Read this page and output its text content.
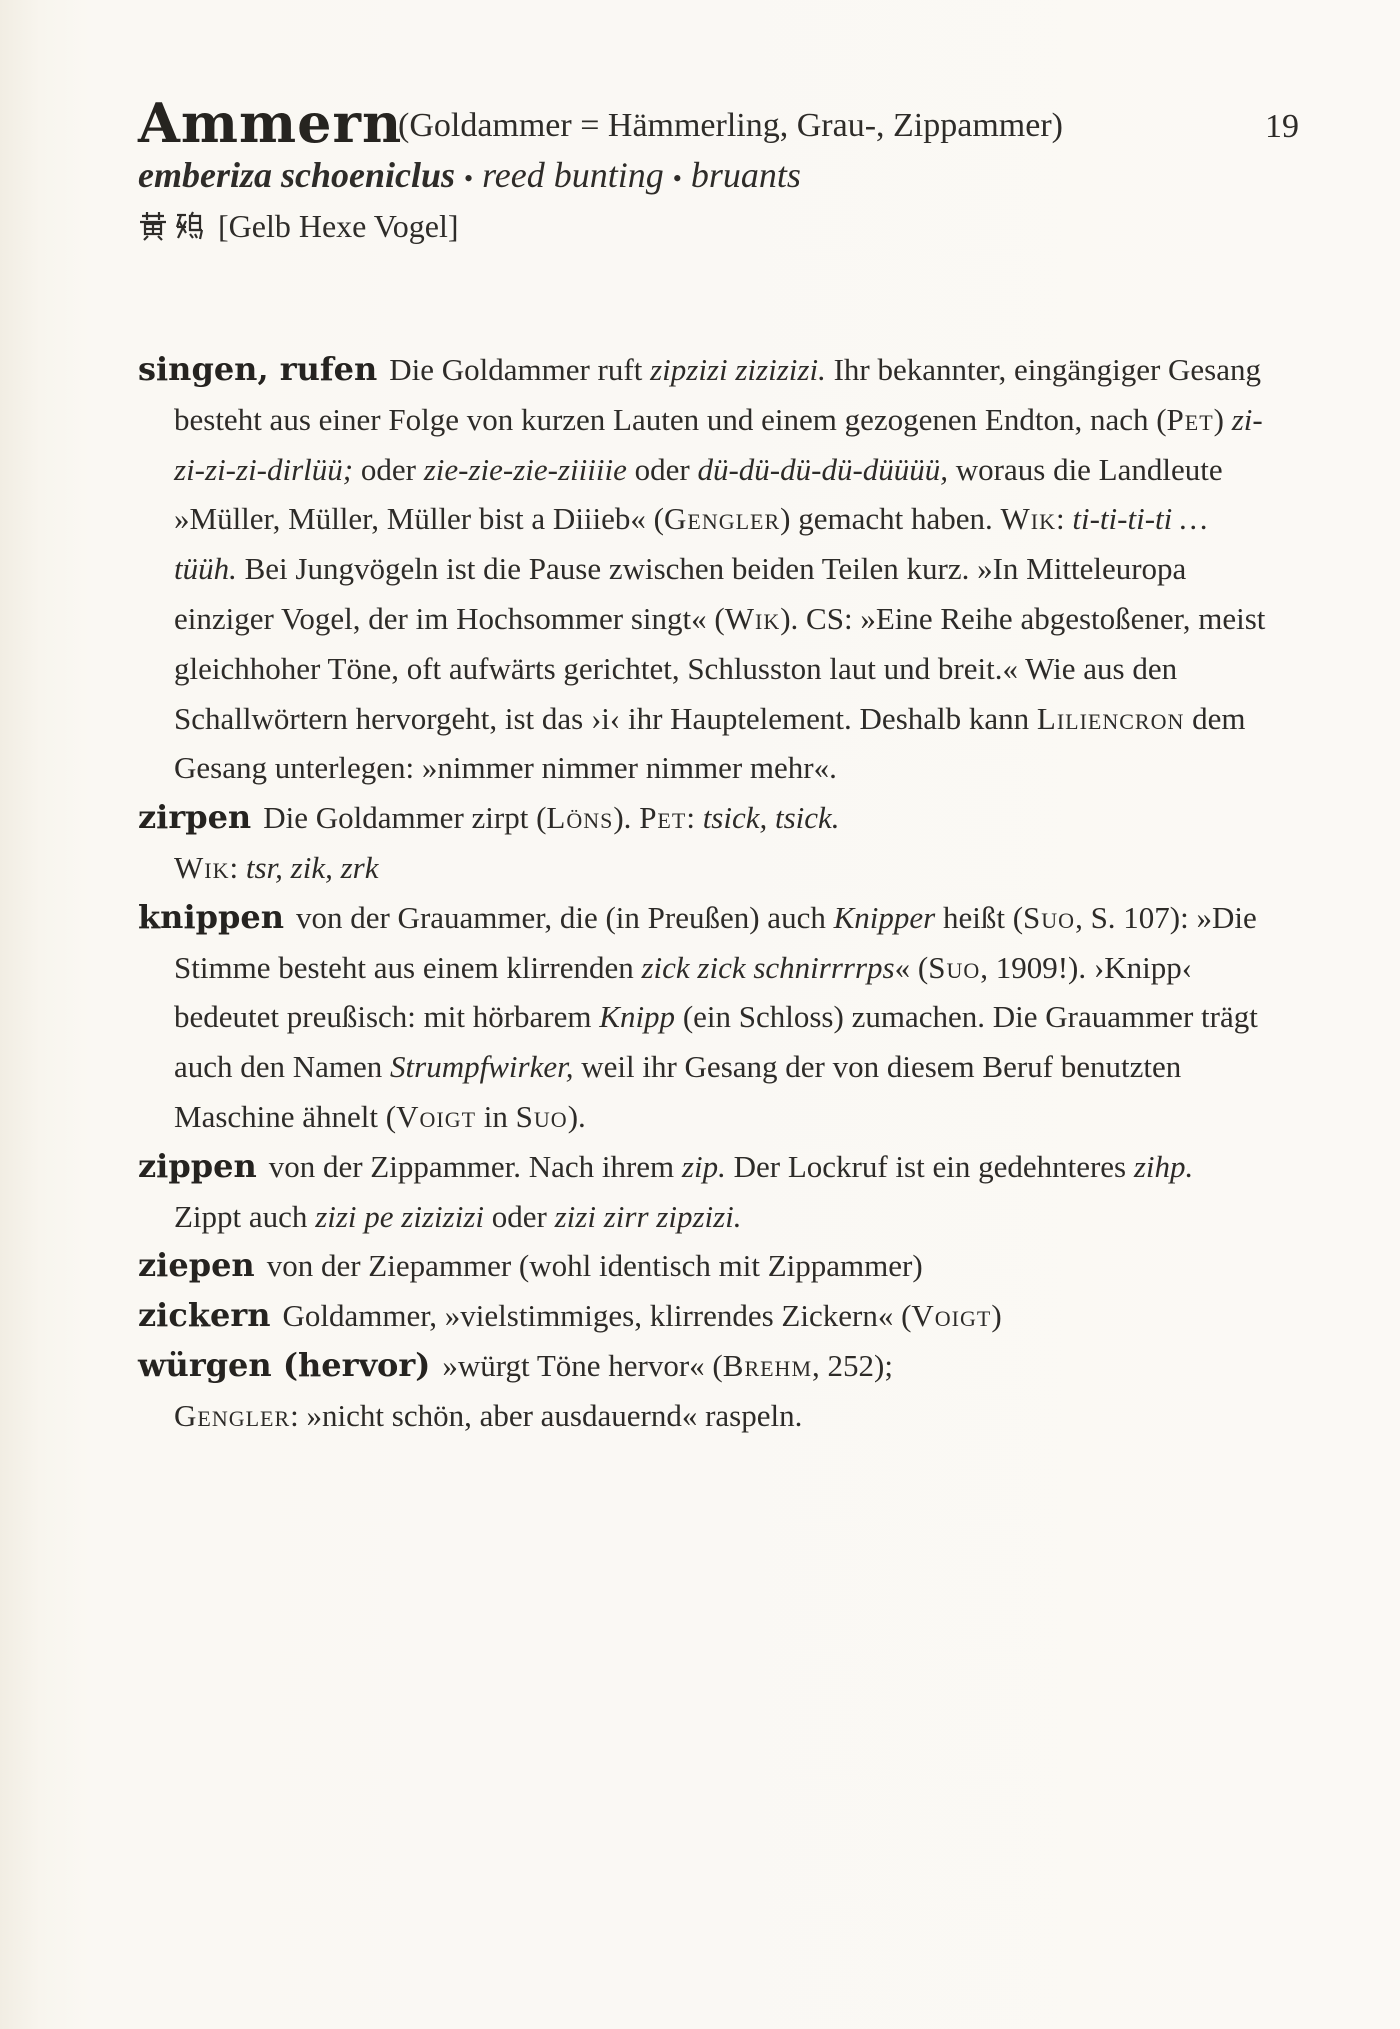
Ammern
(Goldammer = Hämmerling, Grau-, Zippammer)	19
emberiza schoeniclus • reed bunting • bruants

[Gelb Hexe Vogel]

singen, rufen Die Goldammer ruft zipzizi zizizizi. Ihr bekannter, eingängiger Gesang besteht aus einer Folge von kurzen Lauten und einem gezogenen Endton, nach (Pet) zi-zi-zi-zi-dirlüü; oder zie-zie-zie-ziiiiie oder dü-dü-dü-dü-düüüü, woraus die Landleute »Müller, Müller, Müller bist a Diiieb« (Gengler) gemacht haben. Wik: ti-ti-ti-ti … tüüh. Bei Jungvögeln ist die Pause zwischen beiden Teilen kurz. »In Mitteleuropa einziger Vogel, der im Hochsommer singt« (Wik). CS: »Eine Reihe abgestoßener, meist gleichhoher Töne, oft aufwärts gerichtet, Schlusston laut und breit.« Wie aus den Schallwörtern hervorgeht, ist das ›i‹ ihr Hauptelement. Deshalb kann Liliencron dem Gesang unterlegen: »nimmer nimmer nimmer mehr«.

zirpen Die Goldammer zirpt (Löns). Pet: tsick, tsick.
Wik: tsr, zik, zrk

knippen von der Grauammer, die (in Preußen) auch Knipper heißt (Suo, S. 107): »Die Stimme besteht aus einem klirrenden zick zick schnirrrrps« (Suo, 1909!). ›Knipp‹ bedeutet preußisch: mit hörbarem Knipp (ein Schloss) zumachen. Die Grauammer trägt auch den Namen Strumpfwirker, weil ihr Gesang der von diesem Beruf benutzten Maschine ähnelt (Voigt in Suo).

zippen von der Zippammer. Nach ihrem zip. Der Lockruf ist ein gedehnteres zihp. Zippt auch zizi pe zizizizi oder zizi zirr zipzizi.

ziepen von der Ziepammer (wohl identisch mit Zippammer)

zickern Goldammer, »vielstimmiges, klirrendes Zickern« (Voigt)

würgen (hervor) »würgt Töne hervor« (Brehm, 252);
Gengler: »nicht schön, aber ausdauernd« raspeln.
